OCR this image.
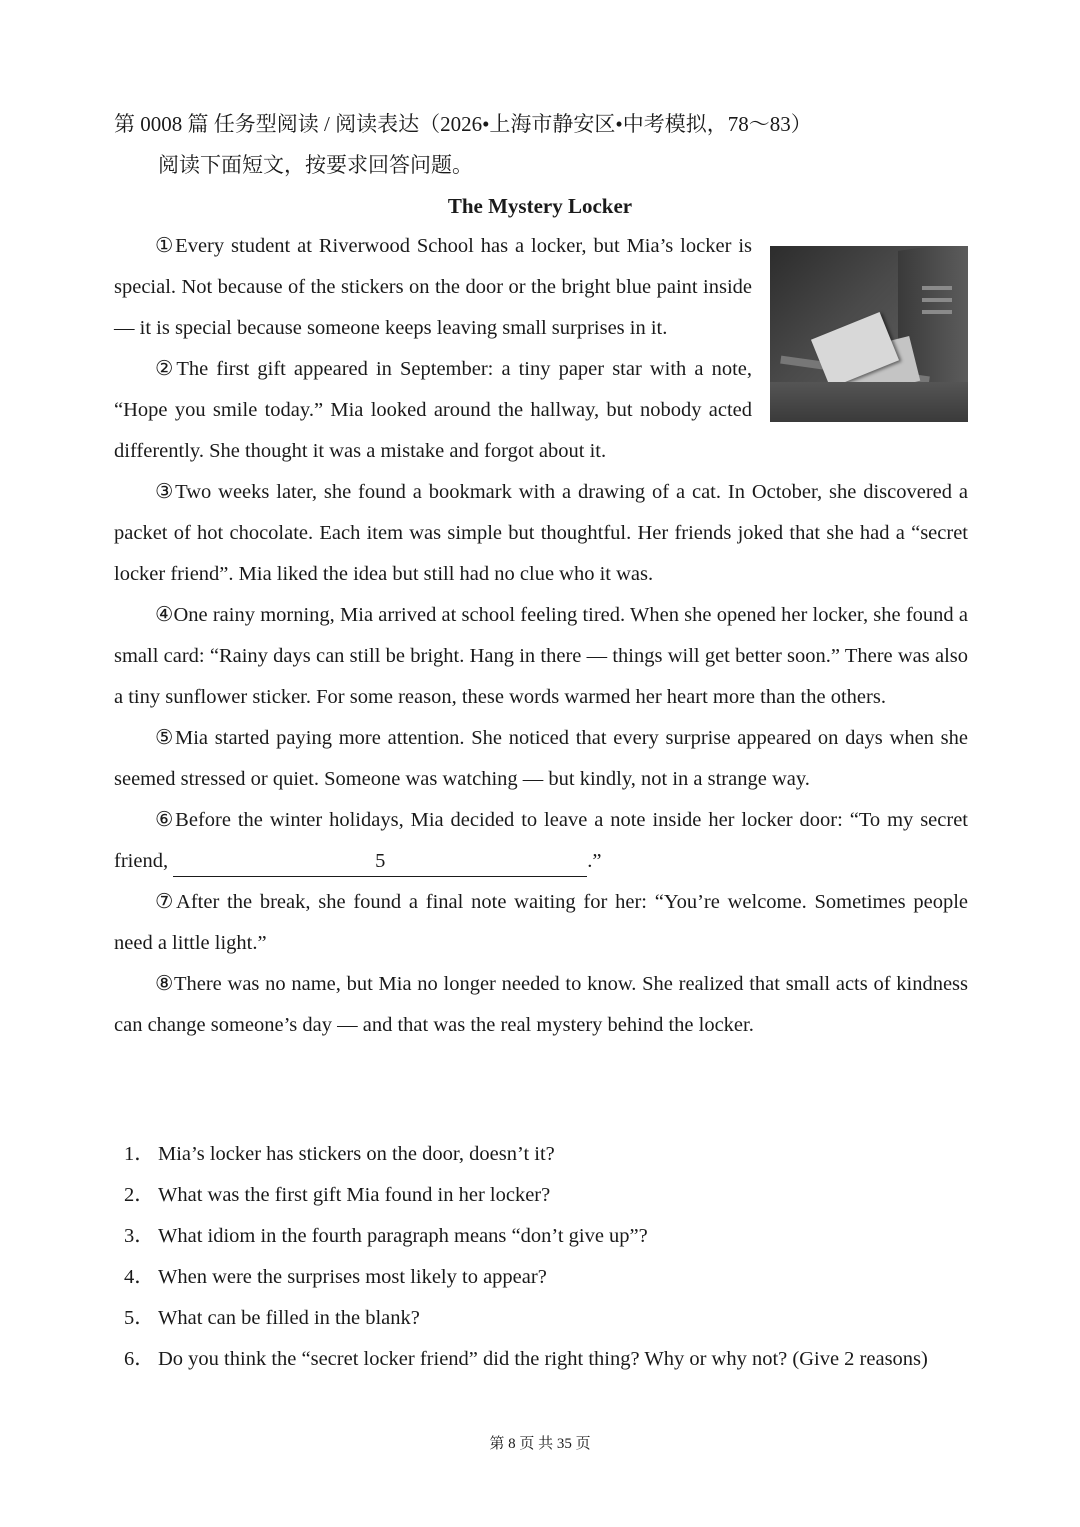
第 0008 篇 任务型阅读 / 阅读表达（2026•上海市静安区•中考模拟，78～83）
阅读下面短文，按要求回答问题。
The Mystery Locker

①Every student at Riverwood School has a locker, but Mia’s locker is special. Not because of the stickers on the door or the bright blue paint inside — it is special because someone keeps leaving small surprises in it.

②The first gift appeared in September: a tiny paper star with a note, “Hope you smile today.” Mia looked around the hallway, but nobody acted differently. She thought it was a mistake and forgot about it.

③Two weeks later, she found a bookmark with a drawing of a cat. In October, she discovered a packet of hot chocolate. Each item was simple but thoughtful. Her friends joked that she had a “secret locker friend”. Mia liked the idea but still had no clue who it was.

④One rainy morning, Mia arrived at school feeling tired. When she opened her locker, she found a small card: “Rainy days can still be bright. Hang in there — things will get better soon.” There was also a tiny sunflower sticker. For some reason, these words warmed her heart more than the others.

⑤Mia started paying more attention. She noticed that every surprise appeared on days when she seemed stressed or quiet. Someone was watching — but kindly, not in a strange way.

⑥Before the winter holidays, Mia decided to leave a note inside her locker door: “To my secret friend,	5	.”

⑦After the break, she found a final note waiting for her: “You’re welcome. Sometimes people need a little light.”

⑧There was no name, but Mia no longer needed to know. She realized that small acts of kindness can change someone’s day — and that was the real mystery behind the locker.

1． Mia’s locker has stickers on the door, doesn’t it?
2． What was the first gift Mia found in her locker?
3． What idiom in the fourth paragraph means “don’t give up”?
4． When were the surprises most likely to appear?
5． What can be filled in the blank?
6． Do you think the “secret locker friend” did the right thing? Why or why not? (Give 2 reasons)
第 8 页 共 35 页
